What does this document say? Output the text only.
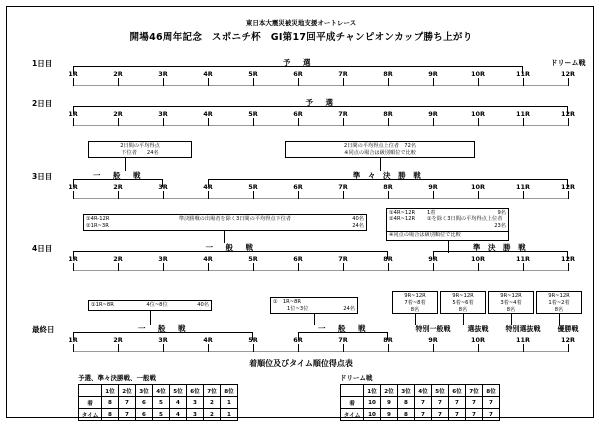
東日本大震災被災地支援オートレース
開場46周年記念　スポニチ杯　GⅠ第17回平成チャンピオンカップ勝ち上がり
1日目	予　選	ドリーム戦
1R	2R	3R	4R	5R	6R	7R	8R	9R	10R	11R	12R
2日目	予　選
1R	2R	3R	4R	5R	6R	7R	8R	9R	10R	11R	12R
3日目	一　般　戦	準 々 決 勝 戦
1R	2R	3R	4R	5R	6R	7R	8R	9R	10R	11R	12R
4日目	一　般　戦	準 決 勝 戦
1R	2R	3R	4R	5R	6R	7R	8R	9R	10R	11R	12R
最終日	一　般　戦	一　般　戦	特別一般戦	選抜戦	特別選抜戦	優勝戦
1R	2R	3R	4R	5R	6R	7R	8R	9R	10R	11R	12R
2日間の平均得点
下位者	24名
2日間の平均得点上位者　72名
※同点の場合は級別順位で比較
①4R-12R	準決勝戦の出場者を除く3日間の平均得点下位者	40名
②1R~3R	24名
①4R~12R	1着	9名
②4R~12R	①を除く3日間の平均得点上位者
23名
※同点の場合は級別順位で比較
①1R~8R	4位~8位	40名	①　1R~8R
1位~3位	24名
9R~12R
7着~8着
8名
9R~12R
5着~6着
8名
9R~12R
3着~4着
8名
9R~12R
1着~2着
8名
着順位及びタイム順位得点表
予選、準々決勝戦、一般戦
	1位	2位	3位	4位	5位	6位	7位	8位
着	8	7	6	5	4	3	2	1
タイム	8	7	6	5	4	3	2	1
ドリーム戦
	1位	2位	3位	4位	5位	6位	7位	8位
着	10	9	8	7	7	7	7	7
タイム	10	9	8	7	7	7	7	7
